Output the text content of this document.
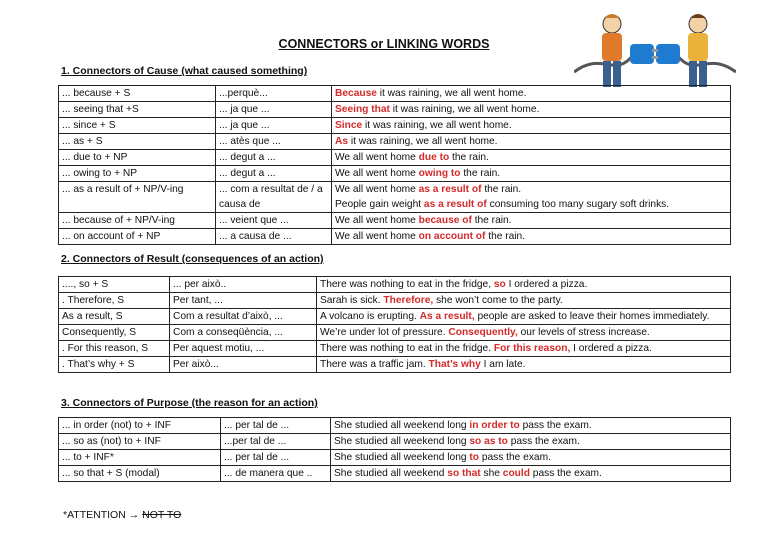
CONNECTORS or LINKING WORDS
1. Connectors of Cause (what caused something)
... because + S	...perquè...	Because it was raining, we all went home.
... seeing that +S	... ja que ...	Seeing that it was raining, we all went home.
... since + S	... ja que ...	Since it was raining, we all went home.
... as + S	... atès que ...	As it was raining, we all went home.
... due to + NP	... degut a ...	We all went home due to the rain.
... owing to + NP	... degut a ...	We all went home owing to the rain.
... as a result of + NP/V-ing	... com a resultat de / a causa de	We all went home as a result of the rain.
People gain weight as a result of consuming too many sugary soft drinks.
... because of + NP/V-ing	... veient que ...	We all went home because of the rain.
... on account of + NP	... a causa de ...	We all went home on account of the rain.
2. Connectors of Result (consequences of an action)
...., so + S	... per això..	There was nothing to eat in the fridge, so I ordered a pizza.
. Therefore, S	Per tant, ...	Sarah is sick. Therefore, she won’t come to the party.
As a result, S	Com a resultat d’això, ...	A volcano is erupting. As a result, people are asked to leave their homes immediately.
Consequently, S	Com a conseqüència, ...	We’re under lot of pressure. Consequently, our levels of stress increase.
. For this reason, S	Per aquest motiu, ...	There was nothing to eat in the fridge. For this reason, I ordered a pizza.
. That’s why + S	Per això...	There was a traffic jam. That’s why I am late.
3. Connectors of Purpose (the reason for an action)
... in order (not) to + INF	... per tal de ...	She studied all weekend long in order to pass the exam.
... so as (not) to + INF	...per tal de ...	She studied all weekend long so as to pass the exam.
... to + INF*	... per tal de ...	She studied all weekend long to pass the exam.
... so that + S (modal)	... de manera que ..	She studied all weekend so that she could pass the exam.
*ATTENTION → NOT TO
